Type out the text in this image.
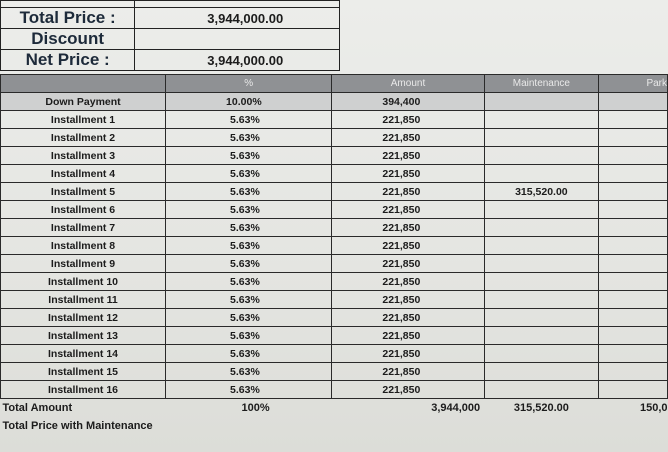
Total Price :	3,944,000.00
Discount	
Net Price :	3,944,000.00
	%	Amount	Maintenance	Park
Down Payment	10.00%	394,400		
Installment 1	5.63%	221,850		
Installment 2	5.63%	221,850		
Installment 3	5.63%	221,850		
Installment 4	5.63%	221,850		
Installment 5	5.63%	221,850	315,520.00	
Installment 6	5.63%	221,850		
Installment 7	5.63%	221,850		
Installment 8	5.63%	221,850		
Installment 9	5.63%	221,850		
Installment 10	5.63%	221,850		
Installment 11	5.63%	221,850		
Installment 12	5.63%	221,850		
Installment 13	5.63%	221,850		
Installment 14	5.63%	221,850		
Installment 15	5.63%	221,850		
Installment 16	5.63%	221,850		
Total Amount	100%	3,944,000	315,520.00	150,0
Total Price with Maintenance				
